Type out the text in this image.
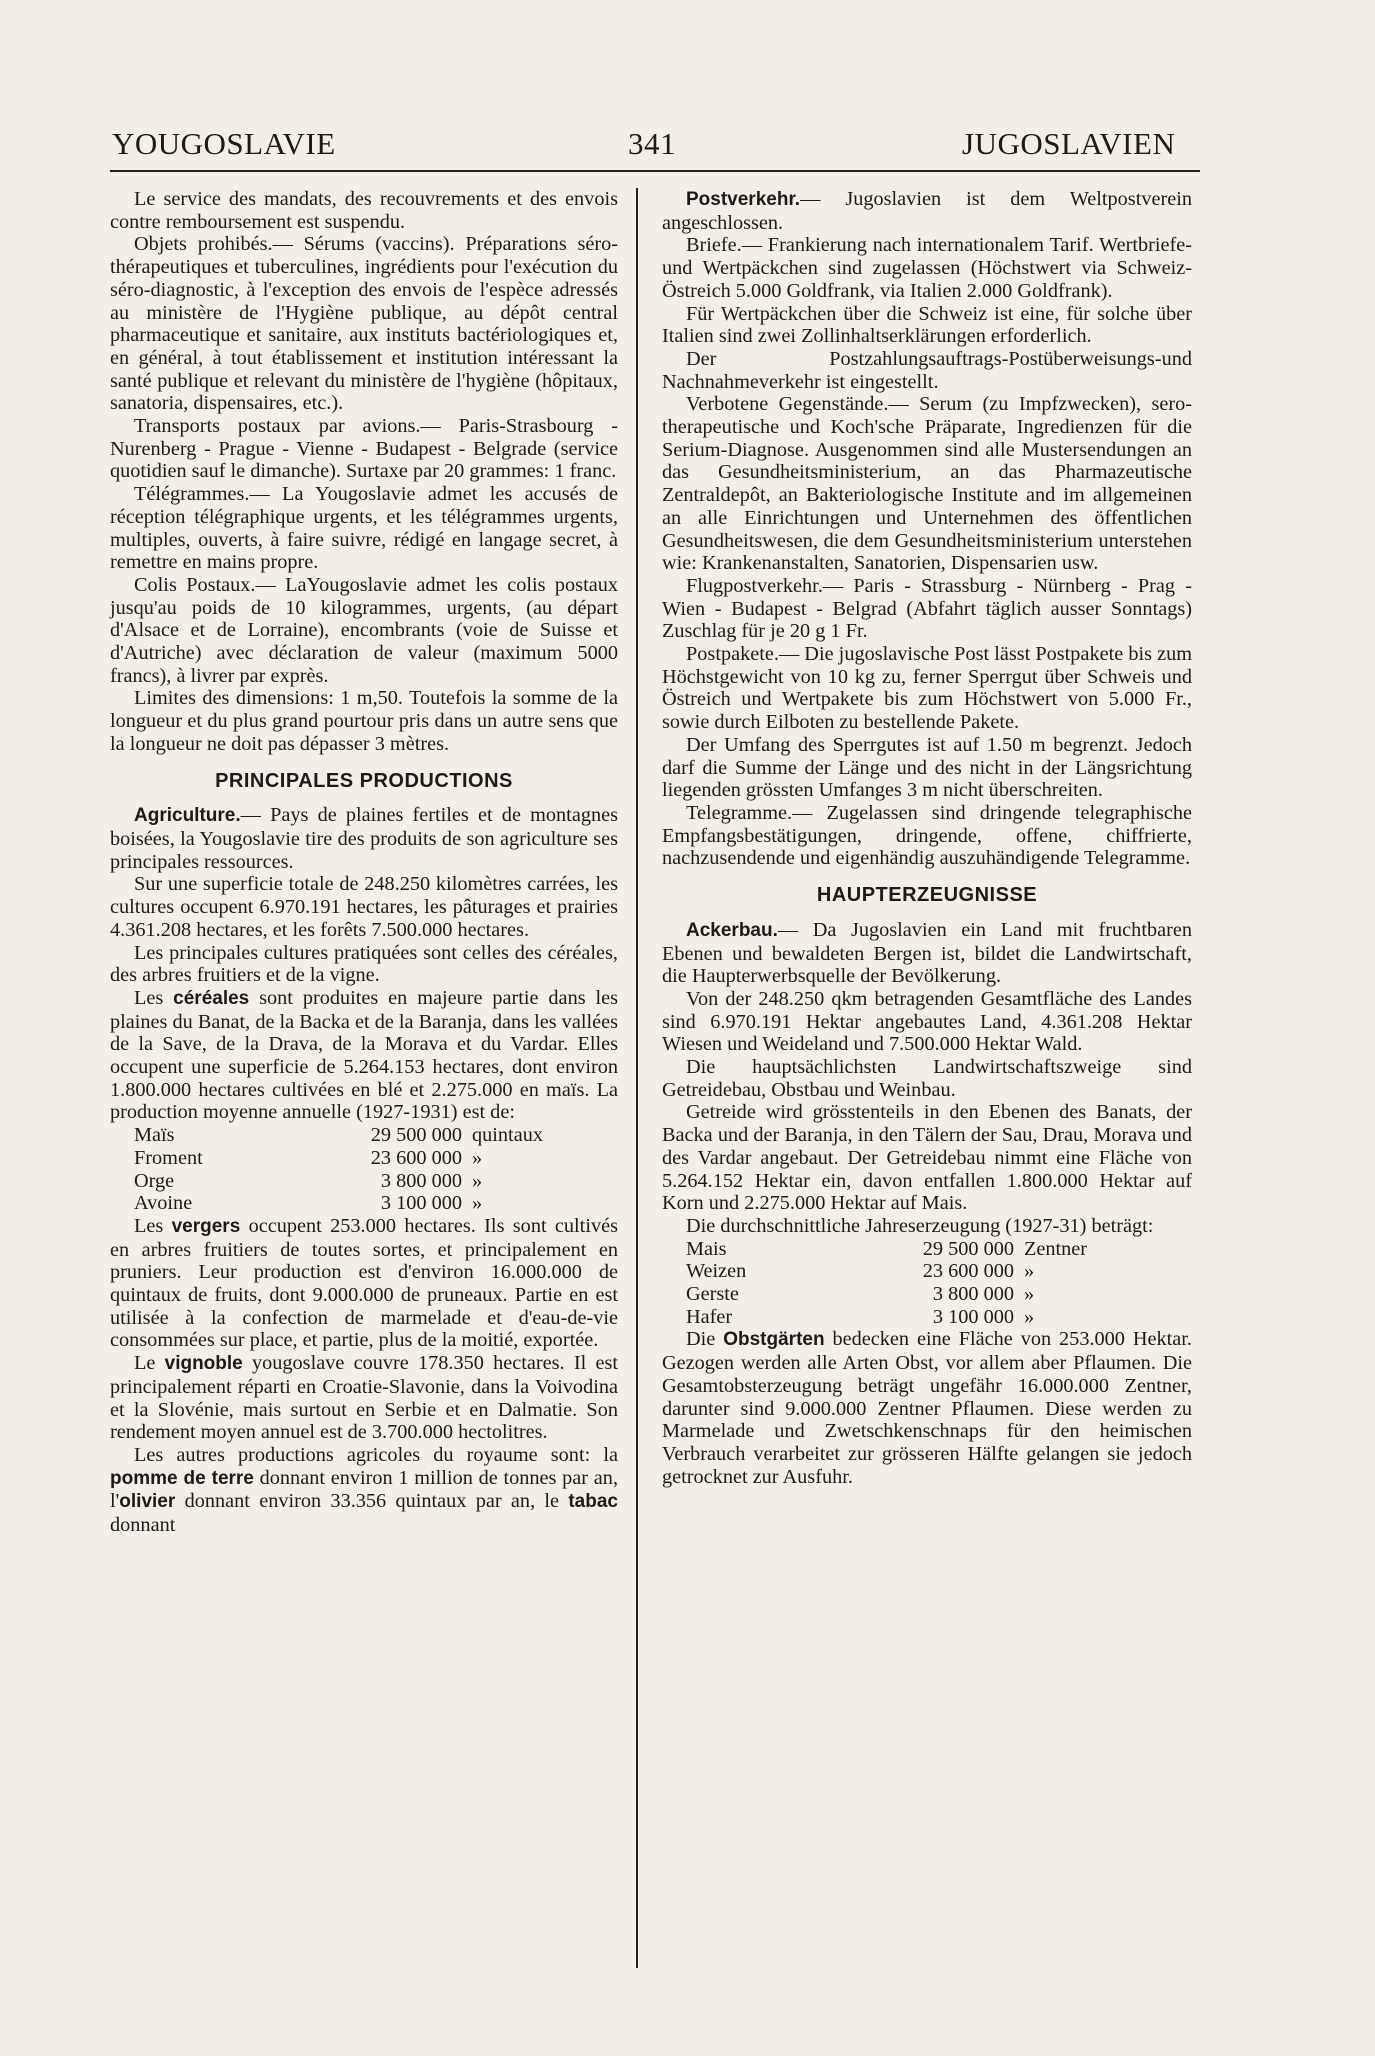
YOUGOSLAVIE	341	JUGOSLAVIEN

Le service des mandats, des recouvrements et des envois contre remboursement est suspendu.

Objets prohibés.— Sérums (vaccins). Préparations séro-thérapeutiques et tuberculines, ingrédients pour l'exécution du séro-diagnostic, à l'exception des envois de l'espèce adressés au ministère de l'Hygiène publique, au dépôt central pharmaceutique et sanitaire, aux instituts bactériologiques et, en général, à tout établissement et institution intéressant la santé publique et relevant du ministère de l'hygiène (hôpitaux, sanatoria, dispensaires, etc.).

Transports postaux par avions.— Paris-Strasbourg - Nurenberg - Prague - Vienne - Budapest - Belgrade (service quotidien sauf le dimanche). Surtaxe par 20 grammes: 1 franc.

Télégrammes.— La Yougoslavie admet les accusés de réception télégraphique urgents, et les télégrammes urgents, multiples, ouverts, à faire suivre, rédigé en langage secret, à remettre en mains propre.

Colis Postaux.— LaYougoslavie admet les colis postaux jusqu'au poids de 10 kilogrammes, urgents, (au départ d'Alsace et de Lorraine), encombrants (voie de Suisse et d'Autriche) avec déclaration de valeur (maximum 5000 francs), à livrer par exprès.

Limites des dimensions: 1 m,50. Toutefois la somme de la longueur et du plus grand pourtour pris dans un autre sens que la longueur ne doit pas dépasser 3 mètres.

PRINCIPALES PRODUCTIONS

Agriculture.— Pays de plaines fertiles et de montagnes boisées, la Yougoslavie tire des produits de son agriculture ses principales ressources.

Sur une superficie totale de 248.250 kilomètres carrées, les cultures occupent 6.970.191 hectares, les pâturages et prairies 4.361.208 hectares, et les forêts 7.500.000 hectares.

Les principales cultures pratiquées sont celles des céréales, des arbres fruitiers et de la vigne.

Les céréales sont produites en majeure partie dans les plaines du Banat, de la Backa et de la Baranja, dans les vallées de la Save, de la Drava, de la Morava et du Vardar. Elles occupent une superficie de 5.264.153 hectares, dont environ 1.800.000 hectares cultivées en blé et 2.275.000 en maïs. La production moyenne annuelle (1927-1931) est de:

Maïs	29 500 000	quintaux
Froment	23 600 000	»
Orge	3 800 000	»
Avoine	3 100 000	»

Les vergers occupent 253.000 hectares. Ils sont cultivés en arbres fruitiers de toutes sortes, et principalement en pruniers. Leur production est d'environ 16.000.000 de quintaux de fruits, dont 9.000.000 de pruneaux. Partie en est utilisée à la confection de marmelade et d'eau-de-vie consommées sur place, et partie, plus de la moitié, exportée.

Le vignoble yougoslave couvre 178.350 hectares. Il est principalement réparti en Croatie-Slavonie, dans la Voivodina et la Slovénie, mais surtout en Serbie et en Dalmatie. Son rendement moyen annuel est de 3.700.000 hectolitres.

Les autres productions agricoles du royaume sont: la pomme de terre donnant environ 1 million de tonnes par an, l'olivier donnant environ 33.356 quintaux par an, le tabac donnant

Postverkehr.— Jugoslavien ist dem Weltpostverein angeschlossen.

Briefe.— Frankierung nach internationalem Tarif. Wertbriefe-und Wertpäckchen sind zugelassen (Höchstwert via Schweiz-Östreich 5.000 Goldfrank, via Italien 2.000 Goldfrank).

Für Wertpäckchen über die Schweiz ist eine, für solche über Italien sind zwei Zollinhaltserklärungen erforderlich.

Der Postzahlungsauftrags-Postüberweisungs-und Nachnahmeverkehr ist eingestellt.

Verbotene Gegenstände.— Serum (zu Impfzwecken), sero-therapeutische und Koch'sche Präparate, Ingredienzen für die Serium-Diagnose. Ausgenommen sind alle Mustersendungen an das Gesundheitsministerium, an das Pharmazeutische Zentraldepôt, an Bakteriologische Institute and im allgemeinen an alle Einrichtungen und Unternehmen des öffentlichen Gesundheitswesen, die dem Gesundheitsministerium unterstehen wie: Krankenanstalten, Sanatorien, Dispensarien usw.

Flugpostverkehr.— Paris - Strassburg - Nürnberg - Prag - Wien - Budapest - Belgrad (Abfahrt täglich ausser Sonntags) Zuschlag für je 20 g 1 Fr.

Postpakete.— Die jugoslavische Post lässt Postpakete bis zum Höchstgewicht von 10 kg zu, ferner Sperrgut über Schweis und Östreich und Wertpakete bis zum Höchstwert von 5.000 Fr., sowie durch Eilboten zu bestellende Pakete.

Der Umfang des Sperrgutes ist auf 1.50 m begrenzt. Jedoch darf die Summe der Länge und des nicht in der Längsrichtung liegenden grössten Umfanges 3 m nicht überschreiten.

Telegramme.— Zugelassen sind dringende telegraphische Empfangsbestätigungen, dringende, offene, chiffrierte, nachzusendende und eigenhändig auszuhändigende Telegramme.

HAUPTERZEUGNISSE

Ackerbau.— Da Jugoslavien ein Land mit fruchtbaren Ebenen und bewaldeten Bergen ist, bildet die Landwirtschaft, die Haupterwerbsquelle der Bevölkerung.

Von der 248.250 qkm betragenden Gesamtfläche des Landes sind 6.970.191 Hektar angebautes Land, 4.361.208 Hektar Wiesen und Weideland und 7.500.000 Hektar Wald.

Die hauptsächlichsten Landwirtschaftszweige sind Getreidebau, Obstbau und Weinbau.

Getreide wird grösstenteils in den Ebenen des Banats, der Backa und der Baranja, in den Tälern der Sau, Drau, Morava und des Vardar angebaut. Der Getreidebau nimmt eine Fläche von 5.264.152 Hektar ein, davon entfallen 1.800.000 Hektar auf Korn und 2.275.000 Hektar auf Mais.

Die durchschnittliche Jahreserzeugung (1927-31) beträgt:

Mais	29 500 000	Zentner
Weizen	23 600 000	»
Gerste	3 800 000	»
Hafer	3 100 000	»

Die Obstgärten bedecken eine Fläche von 253.000 Hektar. Gezogen werden alle Arten Obst, vor allem aber Pflaumen. Die Gesamtobsterzeugung beträgt ungefähr 16.000.000 Zentner, darunter sind 9.000.000 Zentner Pflaumen. Diese werden zu Marmelade und Zwetschkenschnaps für den heimischen Verbrauch verarbeitet zur grösseren Hälfte gelangen sie jedoch getrocknet zur Ausfuhr.
